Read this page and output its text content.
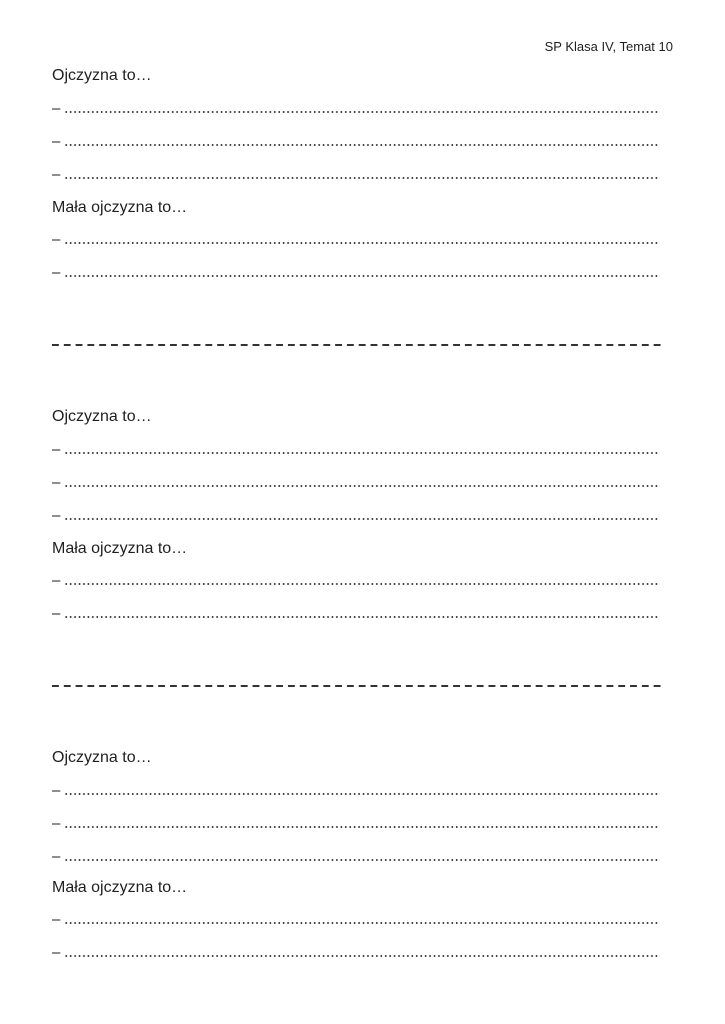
SP Klasa IV, Temat 10
Ojczyzna to…
–
–
–
Mała ojczyzna to…
–
–
Ojczyzna to…
–
–
–
Mała ojczyzna to…
–
–
Ojczyzna to…
–
–
–
Mała ojczyzna to…
–
–
